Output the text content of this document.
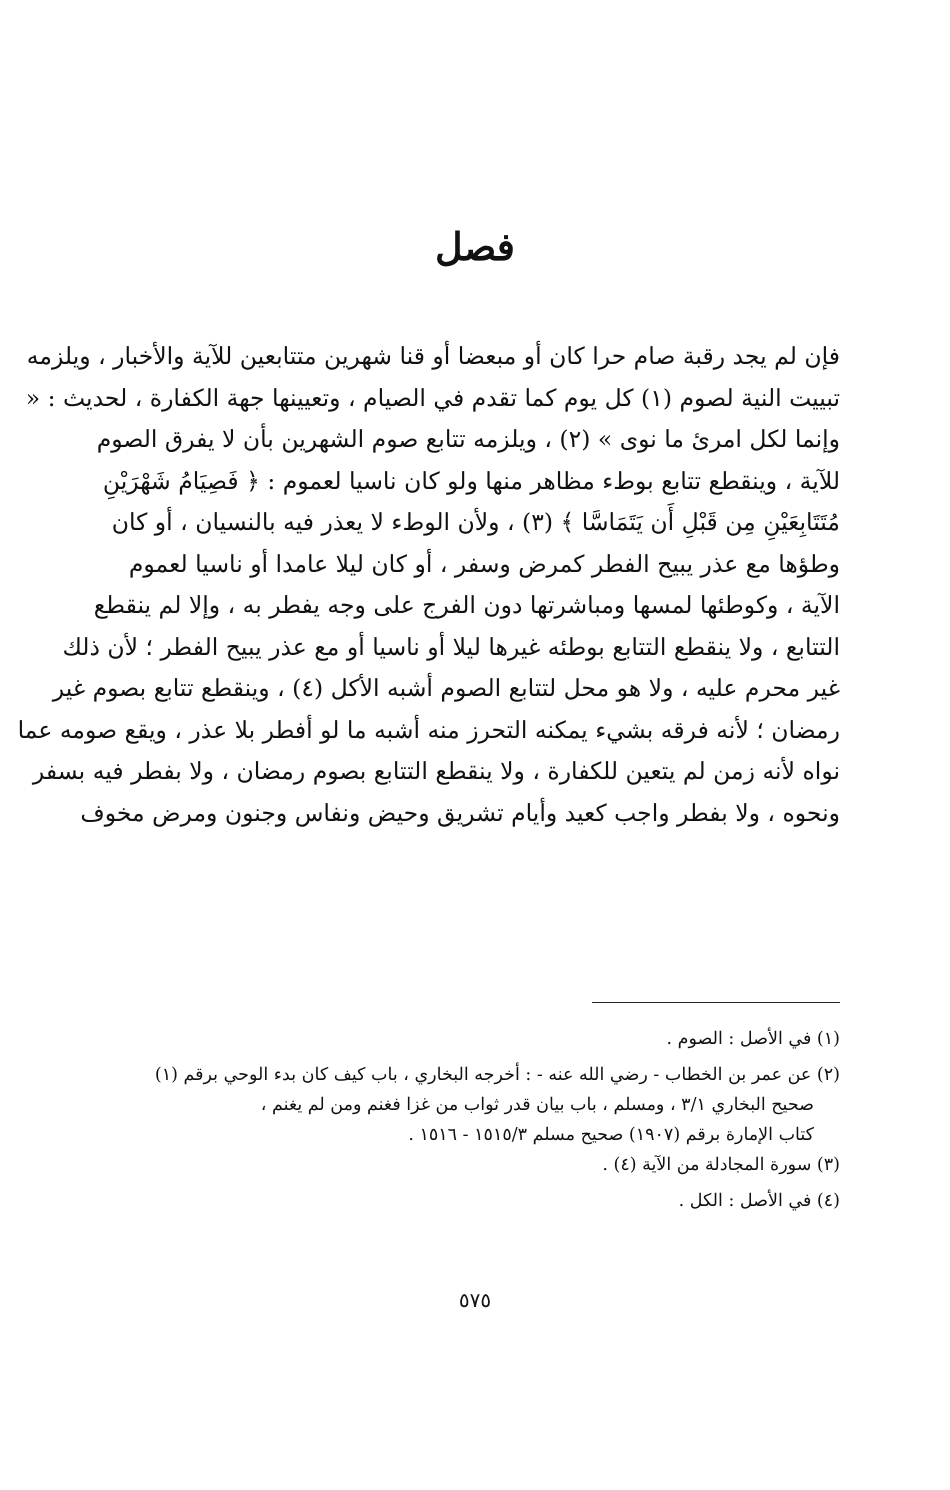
فصل
فإن لم يجد رقبة صام حرا كان أو مبعضا أو قنا شهرين متتابعين للآية والأخبار ، ويلزمه
تبييت النية لصوم (١) كل يوم كما تقدم في الصيام ، وتعيينها جهة الكفارة ، لحديث : «
وإنما لكل امرئ ما نوى » (٢) ، ويلزمه تتابع صوم الشهرين بأن لا يفرق الصوم
للآية ، وينقطع تتابع بوطء مظاهر منها ولو كان ناسيا لعموم : ﴿ فَصِيَامُ شَهْرَيْنِ
مُتَتَابِعَيْنِ مِن قَبْلِ أَن يَتَمَاسَّا ﴾ (٣) ، ولأن الوطء لا يعذر فيه بالنسيان ، أو كان
وطؤها مع عذر يبيح الفطر كمرض وسفر ، أو كان ليلا عامدا أو ناسيا لعموم
الآية ، وكوطئها لمسها ومباشرتها دون الفرج على وجه يفطر به ، وإلا لم ينقطع
التتابع ، ولا ينقطع التتابع بوطئه غيرها ليلا أو ناسيا أو مع عذر يبيح الفطر ؛ لأن ذلك
غير محرم عليه ، ولا هو محل لتتابع الصوم أشبه الأكل (٤) ، وينقطع تتابع بصوم غير
رمضان ؛ لأنه فرقه بشيء يمكنه التحرز منه أشبه ما لو أفطر بلا عذر ، ويقع صومه عما
نواه لأنه زمن لم يتعين للكفارة ، ولا ينقطع التتابع بصوم رمضان ، ولا بفطر فيه بسفر
ونحوه ، ولا بفطر واجب كعيد وأيام تشريق وحيض ونفاس وجنون ومرض مخوف
(١) في الأصل : الصوم .
(٢) عن عمر بن الخطاب - رضي الله عنه - : أخرجه البخاري ، باب كيف كان بدء الوحي برقم (١)
صحيح البخاري ٣/١ ، ومسلم ، باب بيان قدر ثواب من غزا فغنم ومن لم يغنم ،
كتاب الإمارة برقم (١٩٠٧) صحيح مسلم ١٥١٥/٣ - ١٥١٦ .
(٣) سورة المجادلة من الآية (٤) .
(٤) في الأصل : الكل .
٥٧٥
